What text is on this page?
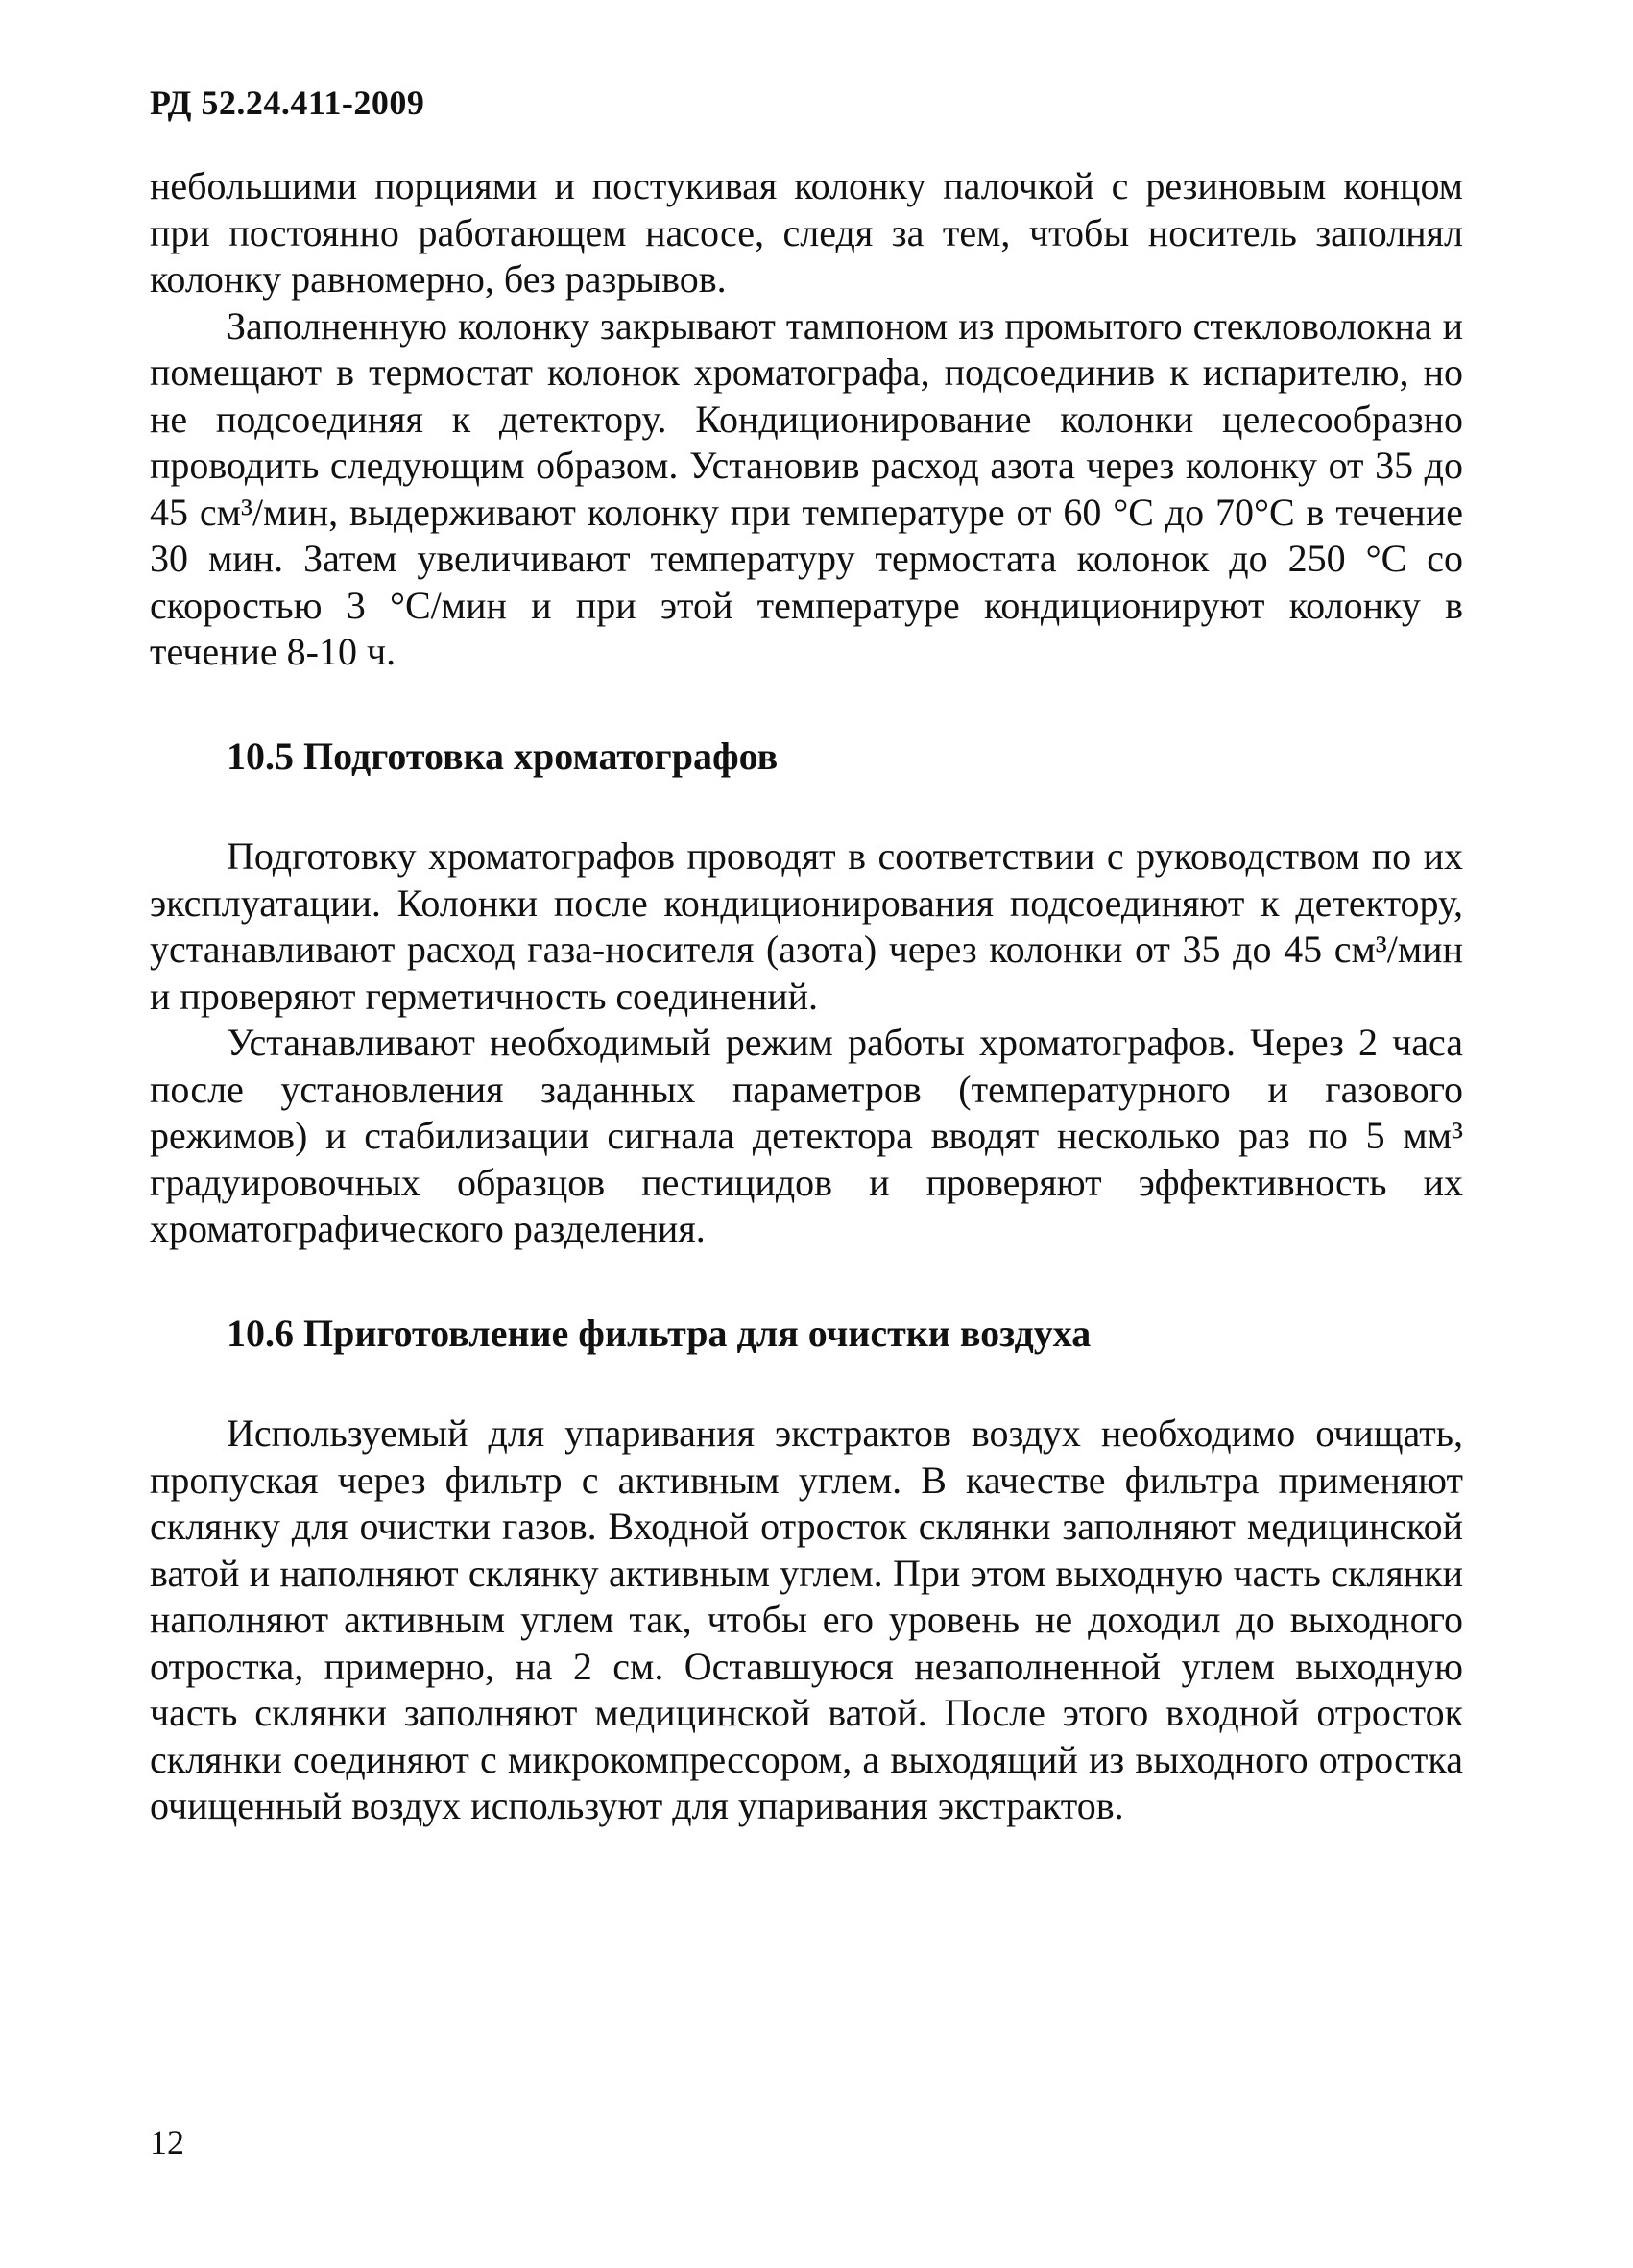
РД 52.24.411-2009

небольшими порциями и постукивая колонку палочкой с резиновым концом при постоянно работающем насосе, следя за тем, чтобы носитель заполнял колонку равномерно, без разрывов.

Заполненную колонку закрывают тампоном из промытого стекловолокна и помещают в термостат колонок хроматографа, подсоединив к испарителю, но не подсоединяя к детектору. Кондиционирование колонки целесообразно проводить следующим образом. Установив расход азота через колонку от 35 до 45 см³/мин, выдерживают колонку при температуре от 60 °С до 70°С в течение 30 мин. Затем увеличивают температуру термостата колонок до 250 °С со скоростью 3 °С/мин и при этой температуре кондиционируют колонку в течение 8-10 ч.

10.5 Подготовка хроматографов

Подготовку хроматографов проводят в соответствии с руководством по их эксплуатации. Колонки после кондиционирования подсоединяют к детектору, устанавливают расход газа-носителя (азота) через колонки от 35 до 45 см³/мин и проверяют герметичность соединений.

Устанавливают необходимый режим работы хроматографов. Через 2 часа после установления заданных параметров (температурного и газового режимов) и стабилизации сигнала детектора вводят несколько раз по 5 мм³ градуировочных образцов пестицидов и проверяют эффективность их хроматографического разделения.

10.6 Приготовление фильтра для очистки воздуха

Используемый для упаривания экстрактов воздух необходимо очищать, пропуская через фильтр с активным углем. В качестве фильтра применяют склянку для очистки газов. Входной отросток склянки заполняют медицинской ватой и наполняют склянку активным углем. При этом выходную часть склянки наполняют активным углем так, чтобы его уровень не доходил до выходного отростка, примерно, на 2 см. Оставшуюся незаполненной углем выходную часть склянки заполняют медицинской ватой. После этого входной отросток склянки соединяют с микрокомпрессором, а выходящий из выходного отростка очищенный воздух используют для упаривания экстрактов.

12
